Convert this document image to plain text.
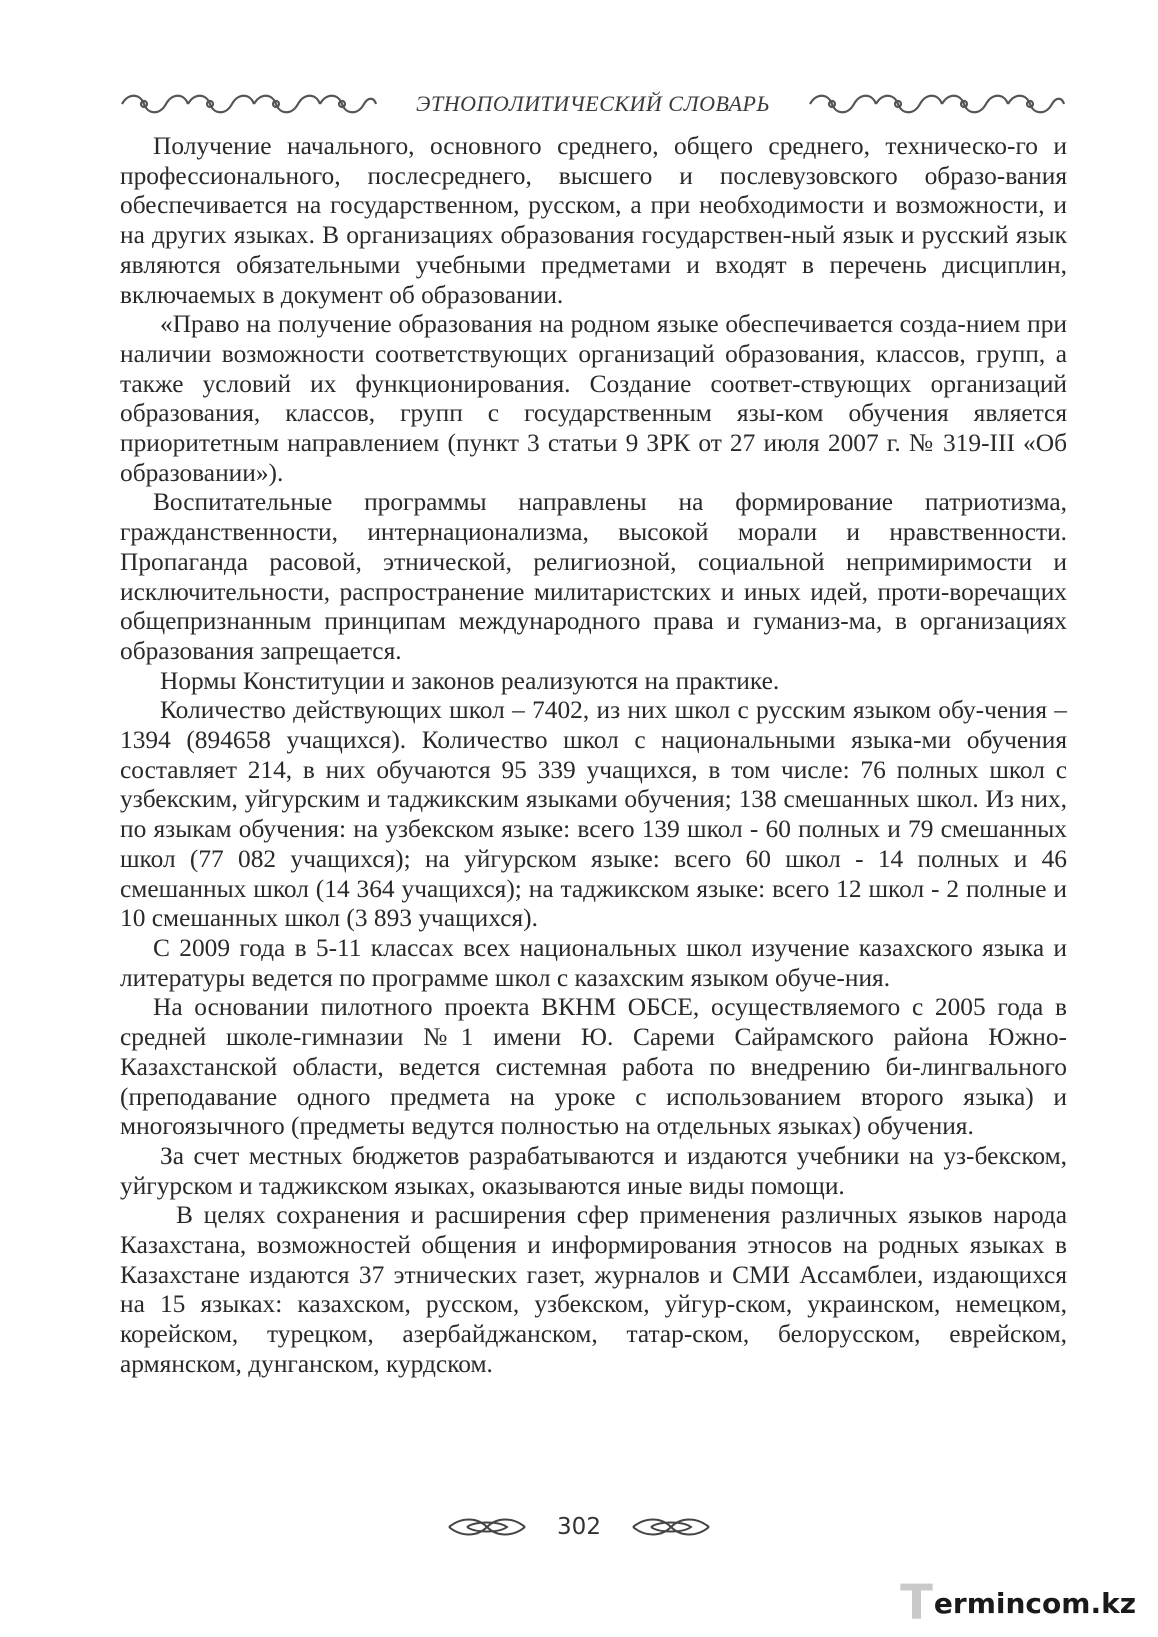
ЭТНОПОЛИТИЧЕСКИЙ СЛОВАРЬ

Получение начального, основного среднего, общего среднего, техническо-го и профессионального, послесреднего, высшего и послевузовского образо-вания обеспечивается на государственном, русском, а при необходимости и возможности, и на других языках. В организациях образования государствен-ный язык и русский язык являются обязательными учебными предметами и входят в перечень дисциплин, включаемых в документ об образовании.

«Право на получение образования на родном языке обеспечивается созда-нием при наличии возможности соответствующих организаций образования, классов, групп, а также условий их функционирования. Создание соответ-ствующих организаций образования, классов, групп с государственным язы-ком обучения является приоритетным направлением (пункт 3 статьи 9 ЗРК от 27 июля 2007 г. № 319-III «Об образовании»).

Воспитательные программы направлены на формирование патриотизма, гражданственности, интернационализма, высокой морали и нравственности. Пропаганда расовой, этнической, религиозной, социальной непримиримости и исключительности, распространение милитаристских и иных идей, проти-воречащих общепризнанным принципам международного права и гуманиз-ма, в организациях образования запрещается.

Нормы Конституции и законов реализуются на практике.

Количество действующих школ – 7402, из них школ с русским языком обу-чения – 1394 (894658 учащихся). Количество школ с национальными языка-ми обучения составляет 214, в них обучаются 95 339 учащихся, в том числе: 76 полных школ с узбекским, уйгурским и таджикским языками обучения; 138 смешанных школ. Из них, по языкам обучения: на узбекском языке: всего 139 школ - 60 полных и 79 смешанных школ (77 082 учащихся); на уйгурском языке: всего 60 школ - 14 полных и 46 смешанных школ (14 364 учащихся); на таджикском языке: всего 12 школ - 2 полные и 10 смешанных школ (3 893 учащихся).

С 2009 года в 5-11 классах всех национальных школ изучение казахского языка и литературы ведется по программе школ с казахским языком обуче-ния.

На основании пилотного проекта ВКНМ ОБСЕ, осуществляемого с 2005 года в средней школе-гимназии №1 имени Ю. Сареми Сайрамского района Южно-Казахстанской области, ведется системная работа по внедрению би-лингвального (преподавание одного предмета на уроке с использованием второго языка) и многоязычного (предметы ведутся полностью на отдельных языках) обучения.

За счет местных бюджетов разрабатываются и издаются учебники на уз-бекском, уйгурском и таджикском языках, оказываются иные виды помощи.

В целях сохранения и расширения сфер применения различных языков народа Казахстана, возможностей общения и информирования этносов на родных языках в Казахстане издаются 37 этнических газет, журналов и СМИ Ассамблеи, издающихся на 15 языках: казахском, русском, узбекском, уйгур-ском, украинском, немецком, корейском, турецком, азербайджанском, татар-ском, белорусском, еврейском, армянском, дунганском, курдском.

302
T ermincom.kz
